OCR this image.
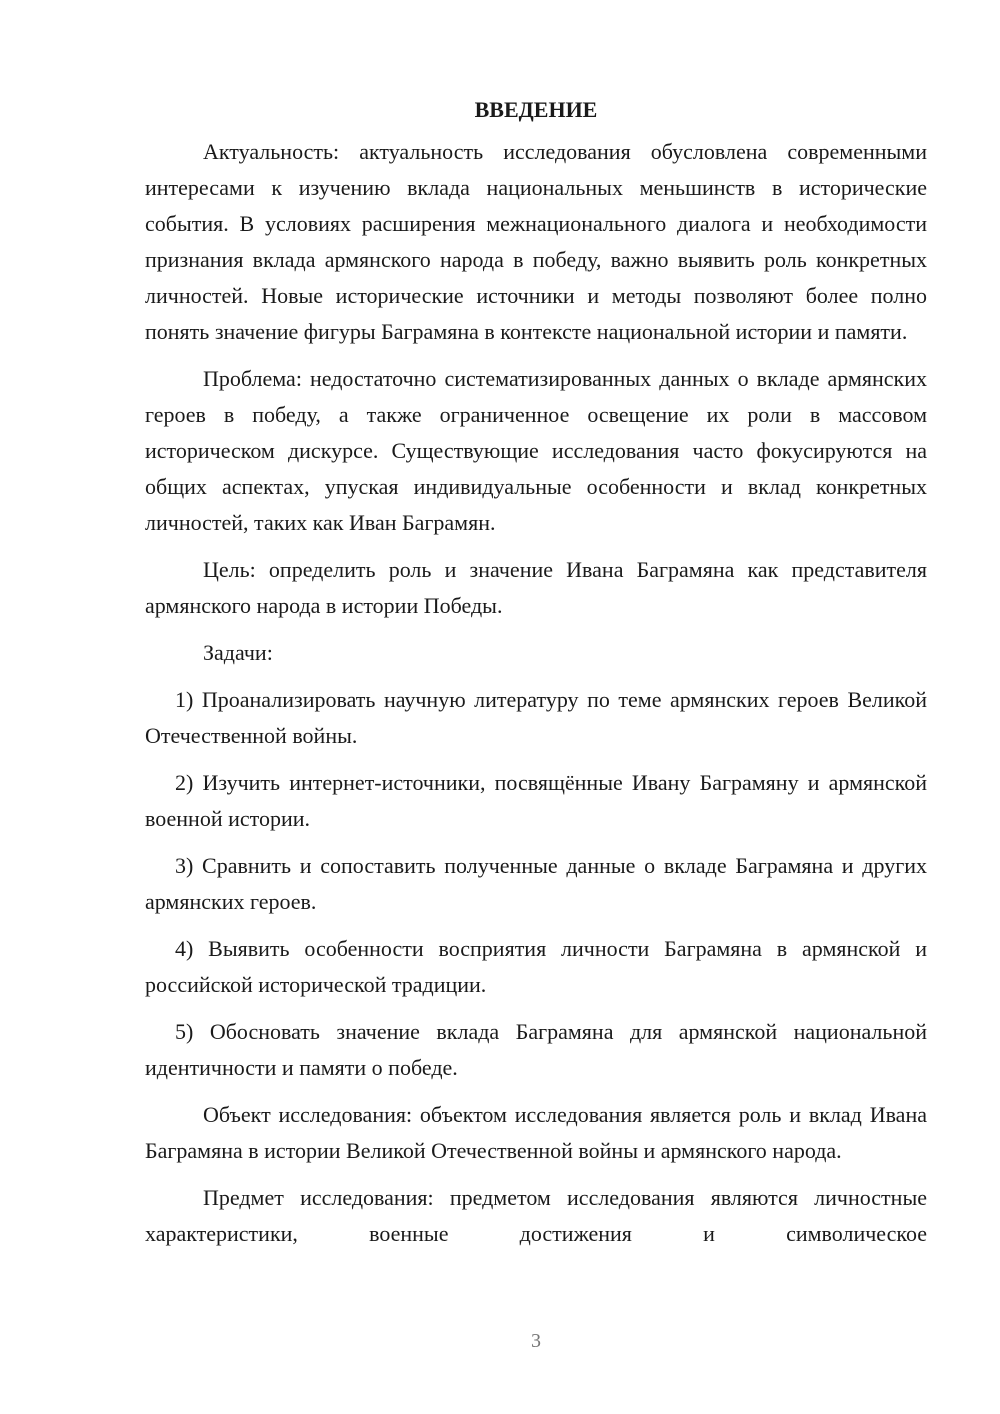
ВВЕДЕНИЕ

Актуальность: актуальность исследования обусловлена современными интересами к изучению вклада национальных меньшинств в исторические события. В условиях расширения межнационального диалога и необходимости признания вклада армянского народа в победу, важно выявить роль конкретных личностей. Новые исторические источники и методы позволяют более полно понять значение фигуры Баграмяна в контексте национальной истории и памяти.

Проблема: недостаточно систематизированных данных о вкладе армянских героев в победу, а также ограниченное освещение их роли в массовом историческом дискурсе. Существующие исследования часто фокусируются на общих аспектах, упуская индивидуальные особенности и вклад конкретных личностей, таких как Иван Баграмян.

Цель: определить роль и значение Ивана Баграмяна как представителя армянского народа в истории Победы.

Задачи:

1) Проанализировать научную литературу по теме армянских героев Великой Отечественной войны.

2) Изучить интернет-источники, посвящённые Ивану Баграмяну и армянской военной истории.

3) Сравнить и сопоставить полученные данные о вкладе Баграмяна и других армянских героев.

4) Выявить особенности восприятия личности Баграмяна в армянской и российской исторической традиции.

5) Обосновать значение вклада Баграмяна для армянской национальной идентичности и памяти о победе.

Объект исследования: объектом исследования является роль и вклад Ивана Баграмяна в истории Великой Отечественной войны и армянского народа.

Предмет исследования: предметом исследования являются личностные характеристики, военные достижения и символическое

3
